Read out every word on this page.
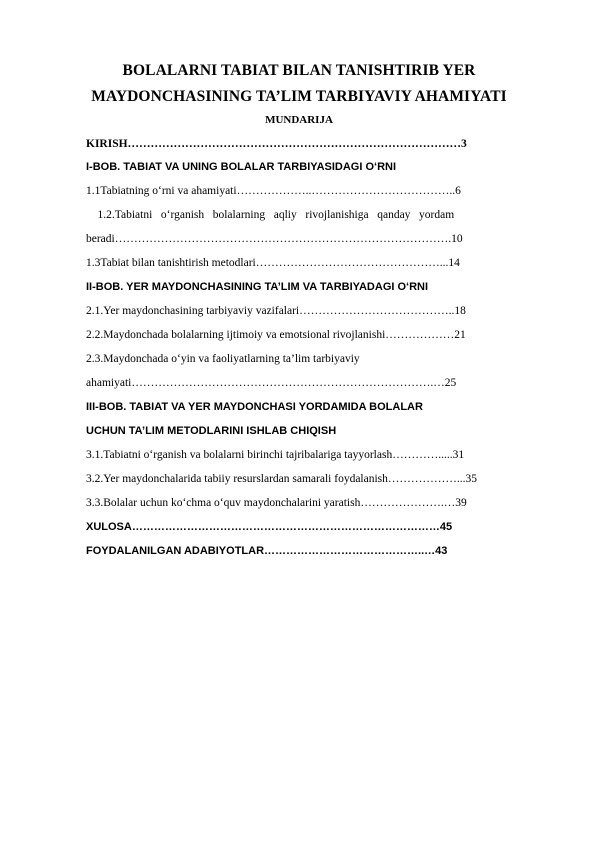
BOLALARNI TABIAT BILAN TANISHTIRIB YER MAYDONCHASINING TA’LIM TARBIYAVIY AHAMIYATI
MUNDARIJA
KIRISH……………………………………………………………………………3
I-BOB. TABIAT VA UNING BOLALAR TARBIYASIDAGI O‘RNI
1.1Tabiatning o‘rni va ahamiyati………………..………………………………..6
1.2.Tabiatni   o‘rganish   bolalarning   aqliy   rivojlanishiga   qanday   yordam
beradi…………………………………………………………………………….10
1.3Tabiat bilan tanishtirish metodlari…………………………………………...14
II-BOB. YER MAYDONCHASINING TA’LIM VA TARBIYADAGI O‘RNI
2.1.Yer maydonchasining tarbiyaviy vazifalari…………………………………..18
2.2.Maydonchada bolalarning ijtimoiy va emotsional rivojlanishi………………21
2.3.Maydonchada o‘yin va faoliyatlarning ta’lim tarbiyaviy
ahamiyati…………………………………………………………………….…25
III-BOB. TABIAT VA YER MAYDONCHASI YORDAMIDA BOLALAR
UCHUN TA’LIM METODLARINI ISHLAB CHIQISH
3.1.Tabiatni o‘rganish va bolalarni birinchi tajribalariga tayyorlash………….....31
3.2.Yer maydonchalarida tabiiy resurslardan samarali foydalanish………………...35
3.3.Bolalar uchun ko‘chma o‘quv maydonchalarini yaratish………………….…39
XULOSA…………………………………………………………………………45
FOYDALANILGAN ADABIYOTLAR……………………………………..…43
